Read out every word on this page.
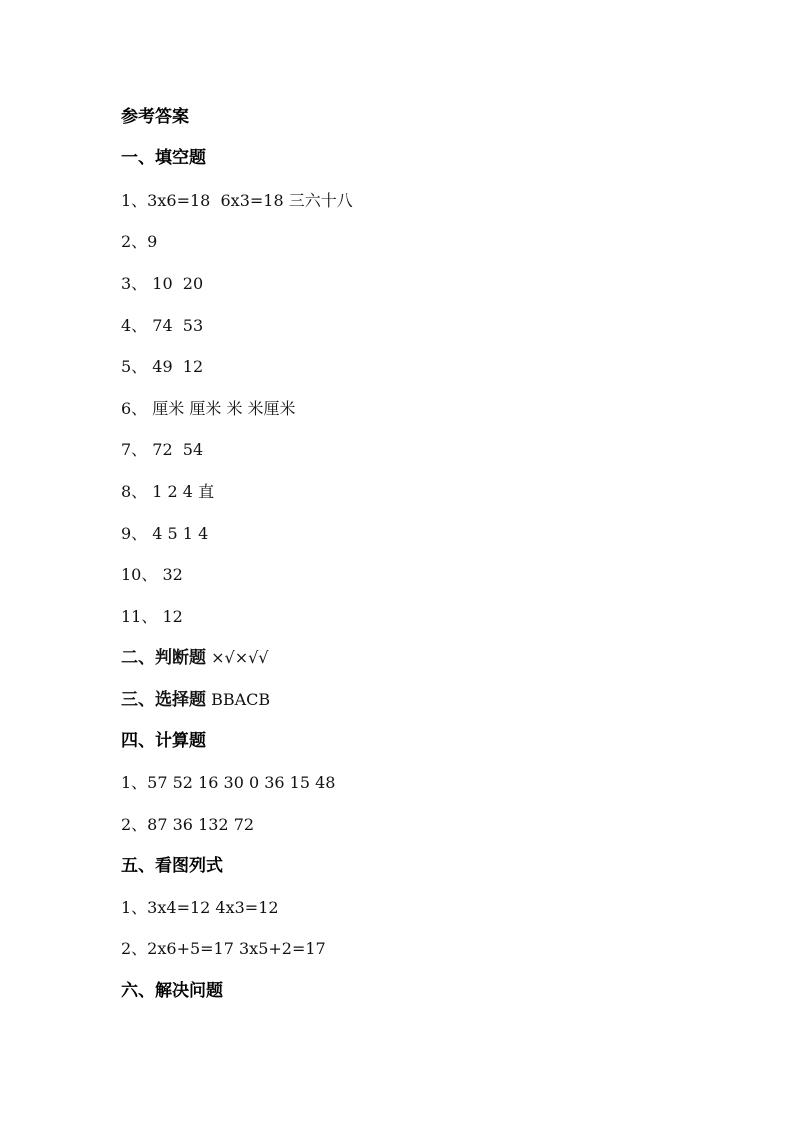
参考答案

一、填空题

1、3x6=18  6x3=18 三六十八

2、9

3、 10  20

4、 74  53

5、 49  12

6、 厘米 厘米 米 米厘米

7、 72  54

8、 1 2 4 直

9、 4 5 1 4

10、 32

11、 12

二、判断题 ×√×√√

三、选择题 BBACB

四、计算题

1、57 52 16 30 0 36 15 48

2、87 36 132 72

五、看图列式

1、3x4=12 4x3=12

2、2x6+5=17 3x5+2=17

六、解决问题
